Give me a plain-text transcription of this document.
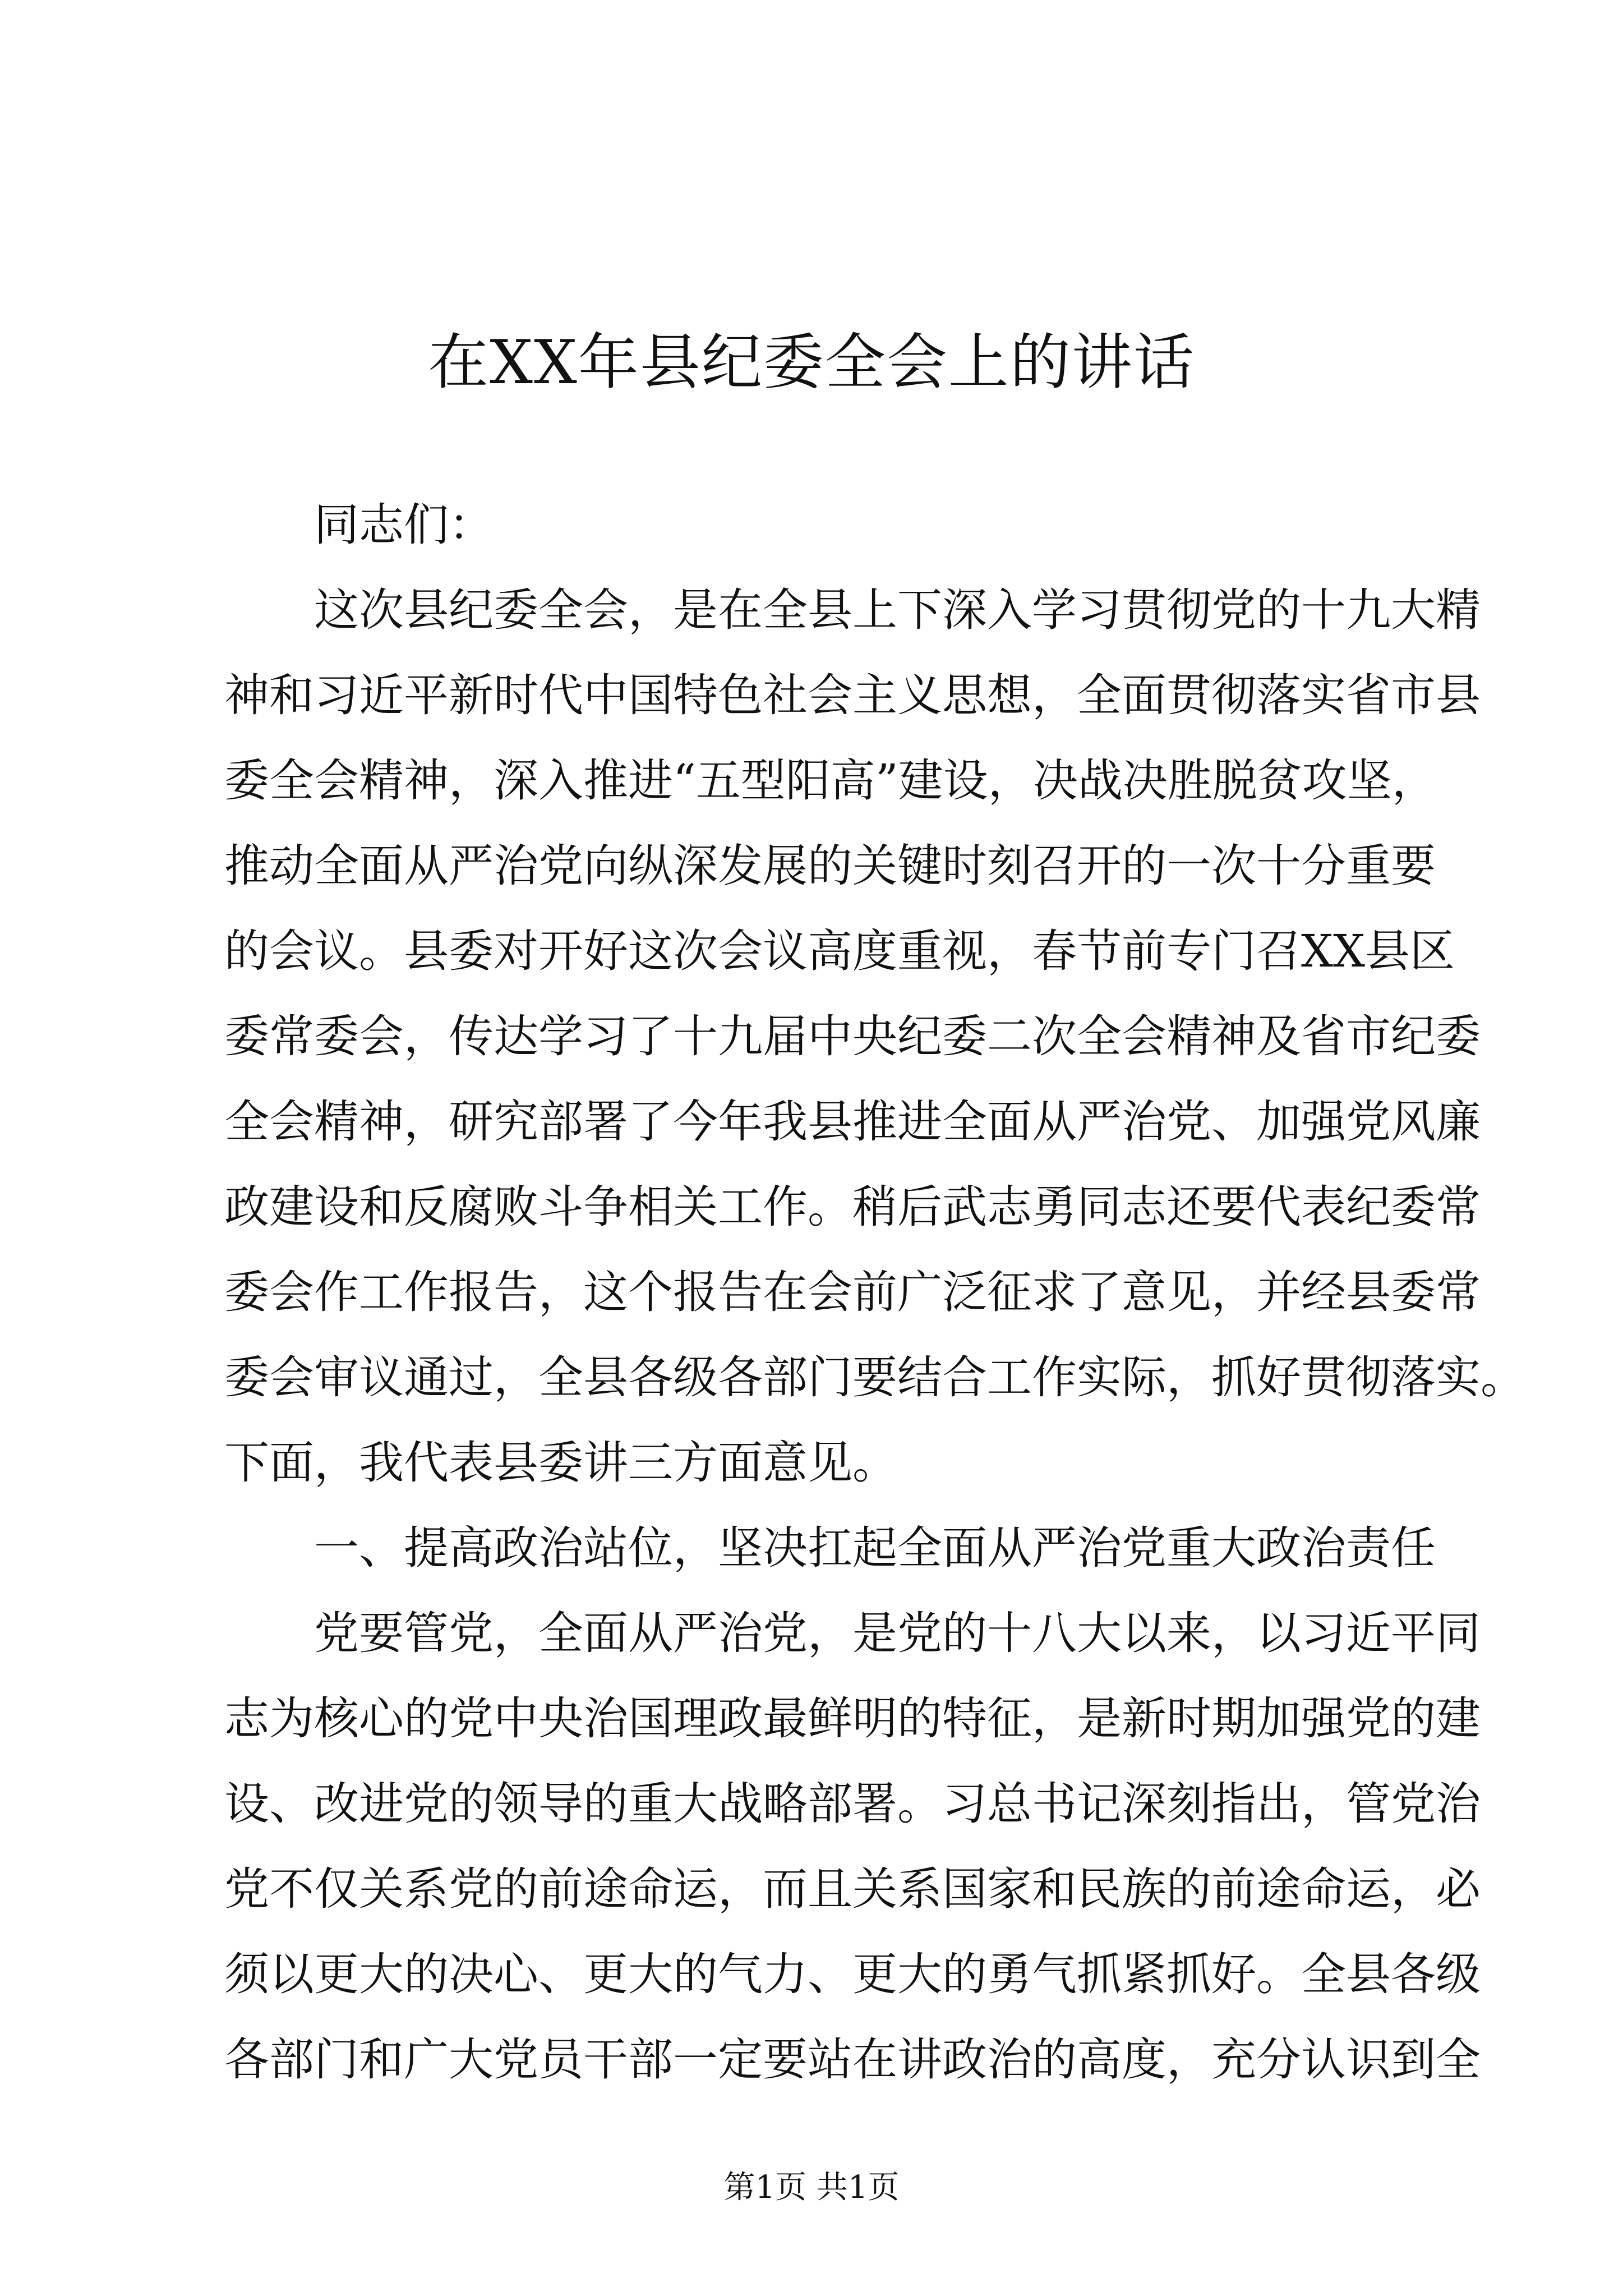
在XX年县纪委全会上的讲话
同志们：
这次县纪委全会，是在全县上下深入学习贯彻党的十九大精
神和习近平新时代中国特色社会主义思想，全面贯彻落实省市县
委全会精神，深入推进“五型阳高”建设，决战决胜脱贫攻坚，
推动全面从严治党向纵深发展的关键时刻召开的一次十分重要
的会议。县委对开好这次会议高度重视，春节前专门召XX县区
委常委会，传达学习了十九届中央纪委二次全会精神及省市纪委
全会精神，研究部署了今年我县推进全面从严治党、加强党风廉
政建设和反腐败斗争相关工作。稍后武志勇同志还要代表纪委常
委会作工作报告，这个报告在会前广泛征求了意见，并经县委常
委会审议通过，全县各级各部门要结合工作实际，抓好贯彻落实。
下面，我代表县委讲三方面意见。
一、提高政治站位，坚决扛起全面从严治党重大政治责任
党要管党，全面从严治党，是党的十八大以来，以习近平同
志为核心的党中央治国理政最鲜明的特征，是新时期加强党的建
设、改进党的领导的重大战略部署。习总书记深刻指出，管党治
党不仅关系党的前途命运，而且关系国家和民族的前途命运，必
须以更大的决心、更大的气力、更大的勇气抓紧抓好。全县各级
各部门和广大党员干部一定要站在讲政治的高度，充分认识到全
第1页 共1页
